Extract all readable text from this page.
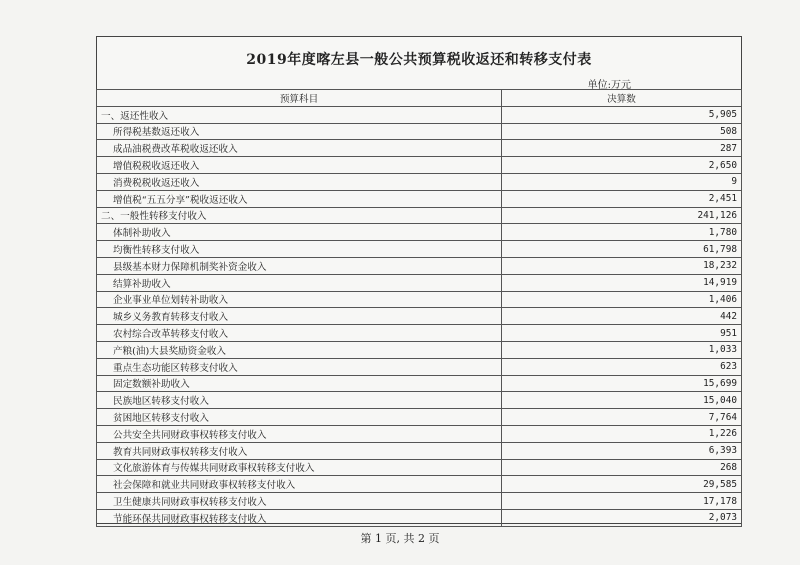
2019年度喀左县一般公共预算税收返还和转移支付表
单位:万元
预算科目	决算数
一、返还性收入	5,905
所得税基数返还收入	508
成品油税费改革税收返还收入	287
增值税税收返还收入	2,650
消费税税收返还收入	9
增值税“五五分享”税收返还收入	2,451
二、一般性转移支付收入	241,126
体制补助收入	1,780
均衡性转移支付收入	61,798
县级基本财力保障机制奖补资金收入	18,232
结算补助收入	14,919
企业事业单位划转补助收入	1,406
城乡义务教育转移支付收入	442
农村综合改革转移支付收入	951
产粮(油)大县奖励资金收入	1,033
重点生态功能区转移支付收入	623
固定数额补助收入	15,699
民族地区转移支付收入	15,040
贫困地区转移支付收入	7,764
公共安全共同财政事权转移支付收入	1,226
教育共同财政事权转移支付收入	6,393
文化旅游体育与传媒共同财政事权转移支付收入	268
社会保障和就业共同财政事权转移支付收入	29,585
卫生健康共同财政事权转移支付收入	17,178
节能环保共同财政事权转移支付收入	2,073
第 1 页, 共 2 页
